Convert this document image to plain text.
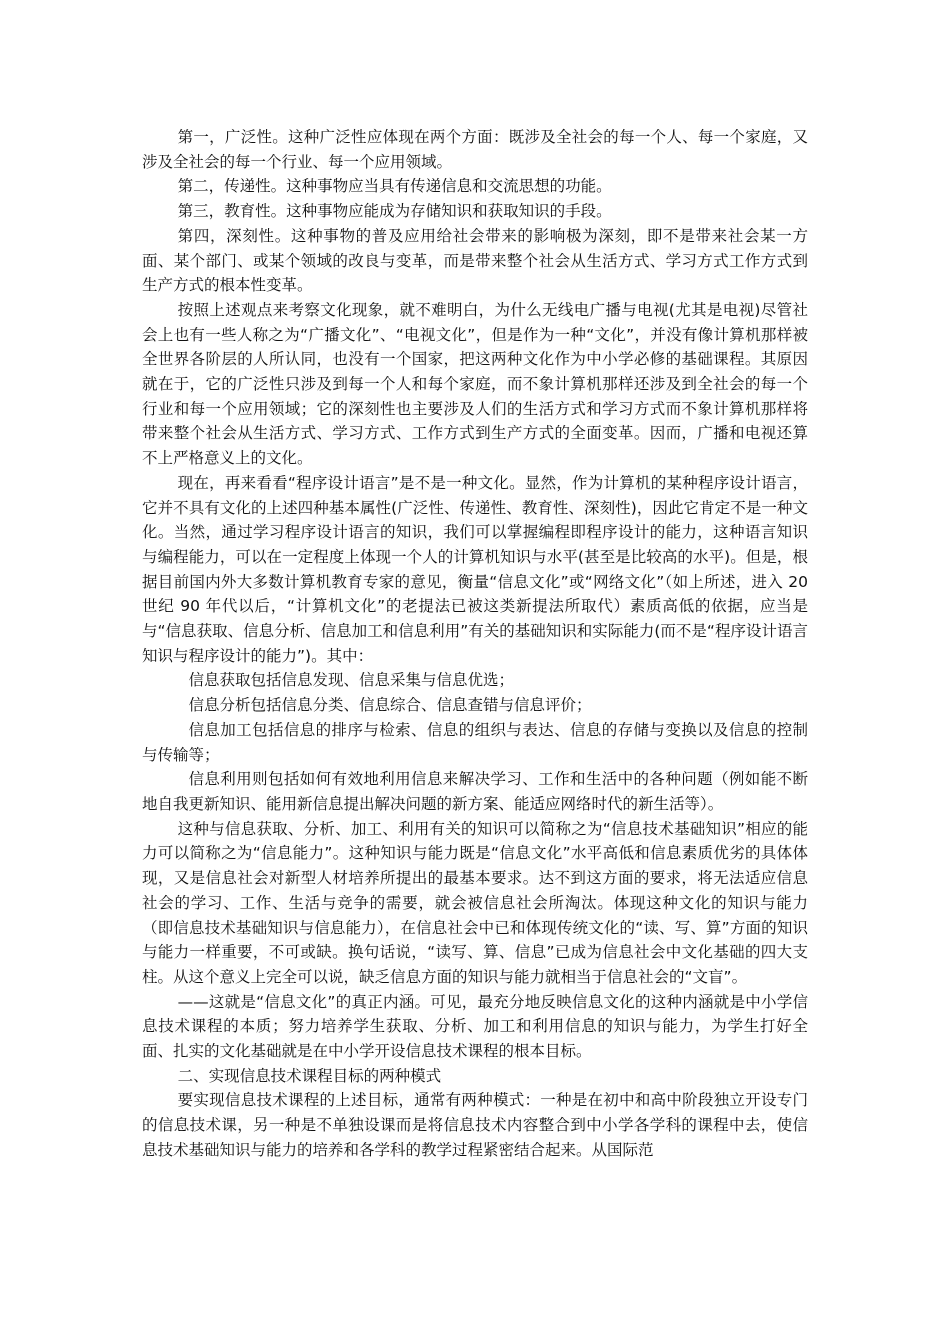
第一，广泛性。这种广泛性应体现在两个方面：既涉及全社会的每一个人、每一个家庭，又涉及全社会的每一个行业、每一个应用领域。

第二，传递性。这种事物应当具有传递信息和交流思想的功能。

第三，教育性。这种事物应能成为存储知识和获取知识的手段。

第四，深刻性。这种事物的普及应用给社会带来的影响极为深刻，即不是带来社会某一方面、某个部门、或某个领域的改良与变革，而是带来整个社会从生活方式、学习方式工作方式到生产方式的根本性变革。

按照上述观点来考察文化现象，就不难明白，为什么无线电广播与电视(尤其是电视)尽管社会上也有一些人称之为“广播文化”、“电视文化”，但是作为一种“文化”，并没有像计算机那样被全世界各阶层的人所认同，也没有一个国家，把这两种文化作为中小学必修的基础课程。其原因就在于，它的广泛性只涉及到每一个人和每个家庭，而不象计算机那样还涉及到全社会的每一个行业和每一个应用领域；它的深刻性也主要涉及人们的生活方式和学习方式而不象计算机那样将带来整个社会从生活方式、学习方式、工作方式到生产方式的全面变革。因而，广播和电视还算不上严格意义上的文化。

现在，再来看看“程序设计语言”是不是一种文化。显然，作为计算机的某种程序设计语言，它并不具有文化的上述四种基本属性(广泛性、传递性、教育性、深刻性)，因此它肯定不是一种文化。当然，通过学习程序设计语言的知识，我们可以掌握编程即程序设计的能力，这种语言知识与编程能力，可以在一定程度上体现一个人的计算机知识与水平(甚至是比较高的水平)。但是，根据目前国内外大多数计算机教育专家的意见，衡量“信息文化”或“网络文化”（如上所述，进入 20 世纪 90 年代以后，“计算机文化”的老提法已被这类新提法所取代）素质高低的依据，应当是与“信息获取、信息分析、信息加工和信息利用”有关的基础知识和实际能力(而不是“程序设计语言知识与程序设计的能力”)。其中：

信息获取包括信息发现、信息采集与信息优选；

信息分析包括信息分类、信息综合、信息查错与信息评价；

信息加工包括信息的排序与检索、信息的组织与表达、信息的存储与变换以及信息的控制与传输等；

信息利用则包括如何有效地利用信息来解决学习、工作和生活中的各种问题（例如能不断地自我更新知识、能用新信息提出解决问题的新方案、能适应网络时代的新生活等）。

这种与信息获取、分析、加工、利用有关的知识可以简称之为“信息技术基础知识”相应的能力可以简称之为“信息能力”。这种知识与能力既是“信息文化”水平高低和信息素质优劣的具体体现，又是信息社会对新型人材培养所提出的最基本要求。达不到这方面的要求，将无法适应信息社会的学习、工作、生活与竞争的需要，就会被信息社会所淘汰。体现这种文化的知识与能力（即信息技术基础知识与信息能力），在信息社会中已和体现传统文化的“读、写、算”方面的知识与能力一样重要，不可或缺。换句话说，“读写、算、信息”已成为信息社会中文化基础的四大支柱。从这个意义上完全可以说，缺乏信息方面的知识与能力就相当于信息社会的“文盲”。

——这就是“信息文化”的真正内涵。可见，最充分地反映信息文化的这种内涵就是中小学信息技术课程的本质；努力培养学生获取、分析、加工和利用信息的知识与能力，为学生打好全面、扎实的文化基础就是在中小学开设信息技术课程的根本目标。

二、实现信息技术课程目标的两种模式

要实现信息技术课程的上述目标，通常有两种模式：一种是在初中和高中阶段独立开设专门的信息技术课，另一种是不单独设课而是将信息技术内容整合到中小学各学科的课程中去，使信息技术基础知识与能力的培养和各学科的教学过程紧密结合起来。从国际范
